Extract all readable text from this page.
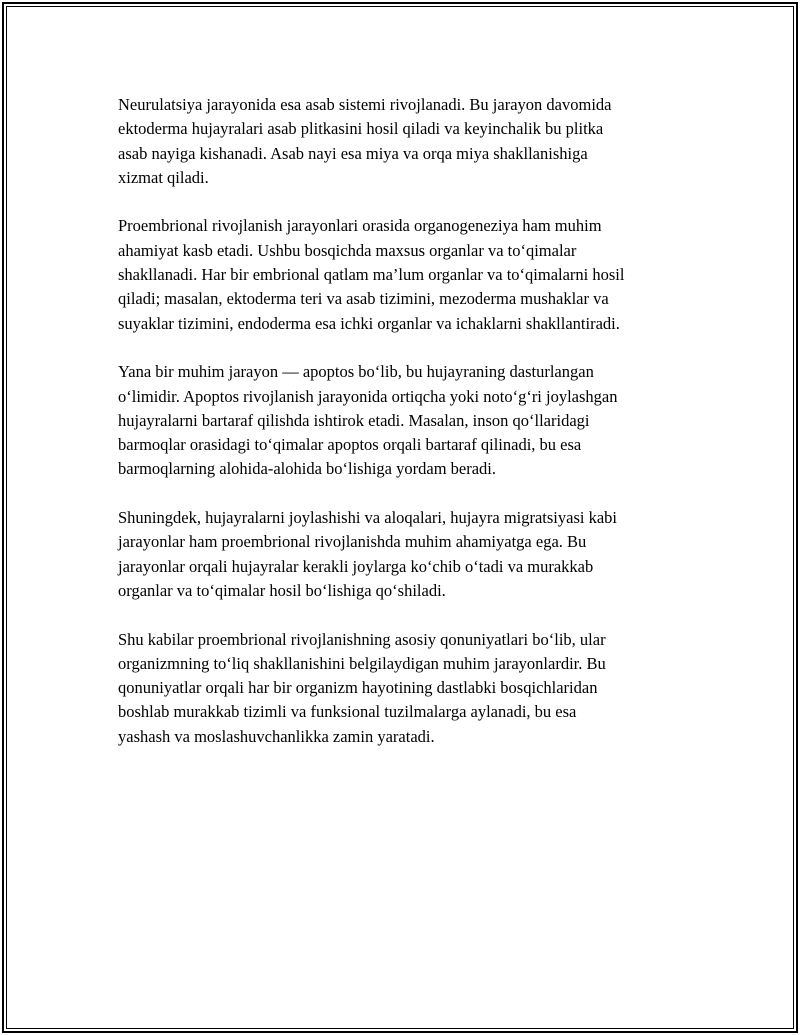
Neurulatsiya jarayonida esa asab sistemi rivojlanadi. Bu jarayon davomida
ektoderma hujayralari asab plitkasini hosil qiladi va keyinchalik bu plitka
asab nayiga kishanadi. Asab nayi esa miya va orqa miya shakllanishiga
xizmat qiladi.

Proembrional rivojlanish jarayonlari orasida organogeneziya ham muhim
ahamiyat kasb etadi. Ushbu bosqichda maxsus organlar va to‘qimalar
shakllanadi. Har bir embrional qatlam ma’lum organlar va to‘qimalarni hosil
qiladi; masalan, ektoderma teri va asab tizimini, mezoderma mushaklar va
suyaklar tizimini, endoderma esa ichki organlar va ichaklarni shakllantiradi.

Yana bir muhim jarayon — apoptos bo‘lib, bu hujayraning dasturlangan
o‘limidir. Apoptos rivojlanish jarayonida ortiqcha yoki noto‘g‘ri joylashgan
hujayralarni bartaraf qilishda ishtirok etadi. Masalan, inson qo‘llaridagi
barmoqlar orasidagi to‘qimalar apoptos orqali bartaraf qilinadi, bu esa
barmoqlarning alohida-alohida bo‘lishiga yordam beradi.

Shuningdek, hujayralarni joylashishi va aloqalari, hujayra migratsiyasi kabi
jarayonlar ham proembrional rivojlanishda muhim ahamiyatga ega. Bu
jarayonlar orqali hujayralar kerakli joylarga ko‘chib o‘tadi va murakkab
organlar va to‘qimalar hosil bo‘lishiga qo‘shiladi.

Shu kabilar proembrional rivojlanishning asosiy qonuniyatlari bo‘lib, ular
organizmning to‘liq shakllanishini belgilaydigan muhim jarayonlardir. Bu
qonuniyatlar orqali har bir organizm hayotining dastlabki bosqichlaridan
boshlab murakkab tizimli va funksional tuzilmalarga aylanadi, bu esa
yashash va moslashuvchanlikka zamin yaratadi.
